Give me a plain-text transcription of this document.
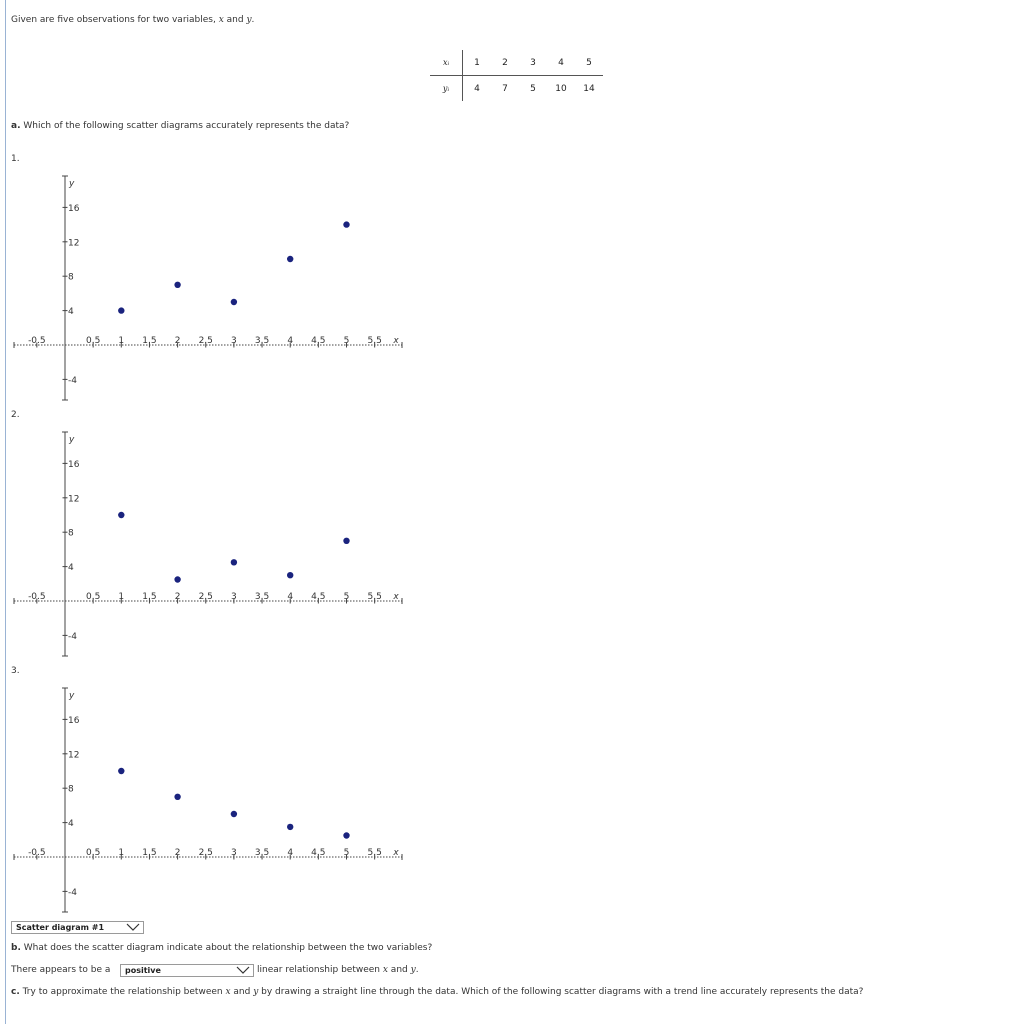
Given are five observations for two variables, x and y.
xᵢ	1	2	3	4	5
yᵢ	4	7	5	10	14
a. Which of the following scatter diagrams accurately represents the data?
1.
2.
3.
-0.5	0.5 1 1.5 2 2.5 3 3.5 4 4.5 5 5.5 x
16
12
8
4
-4
y
-0.5	0.5 1 1.5 2 2.5 3 3.5 4 4.5 5 5.5 x
16
12
8
4
-4
y
-0.5	0.5 1 1.5 2 2.5 3 3.5 4 4.5 5 5.5 x
16
12
8
4
-4
y
Scatter diagram #1
b. What does the scatter diagram indicate about the relationship between the two variables?
There appears to be a	positive	linear relationship between x and y.
c. Try to approximate the relationship between x and y by drawing a straight line through the data. Which of the following scatter diagrams with a trend line accurately represents the data?
